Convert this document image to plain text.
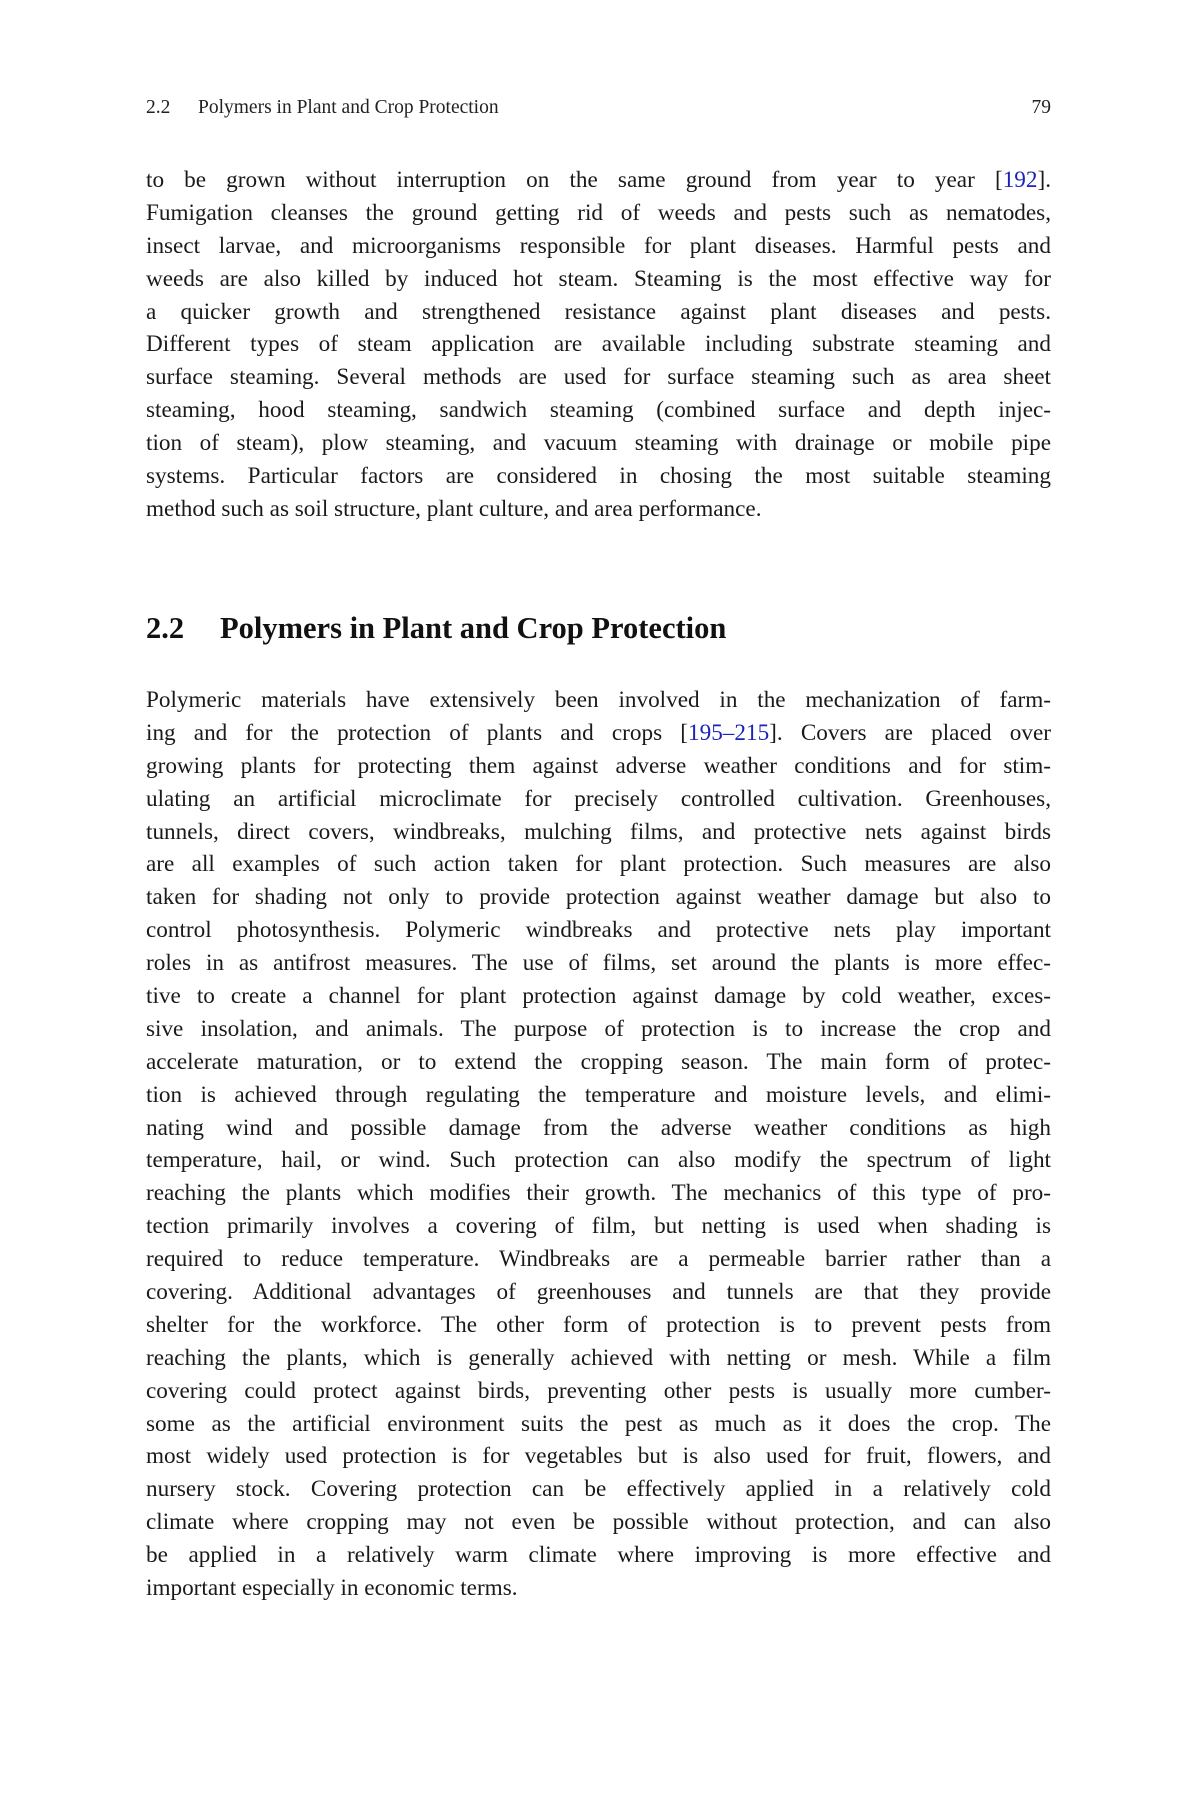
2.2 Polymers in Plant and Crop Protection	79
to be grown without interruption on the same ground from year to year [192].
Fumigation cleanses the ground getting rid of weeds and pests such as nematodes,
insect larvae, and microorganisms responsible for plant diseases. Harmful pests and
weeds are also killed by induced hot steam. Steaming is the most effective way for
a quicker growth and strengthened resistance against plant diseases and pests.
Different types of steam application are available including substrate steaming and
surface steaming. Several methods are used for surface steaming such as area sheet
steaming, hood steaming, sandwich steaming (combined surface and depth injec-
tion of steam), plow steaming, and vacuum steaming with drainage or mobile pipe
systems. Particular factors are considered in chosing the most suitable steaming
method such as soil structure, plant culture, and area performance.
2.2 Polymers in Plant and Crop Protection
Polymeric materials have extensively been involved in the mechanization of farm-
ing and for the protection of plants and crops [195–215]. Covers are placed over
growing plants for protecting them against adverse weather conditions and for stim-
ulating an artificial microclimate for precisely controlled cultivation. Greenhouses,
tunnels, direct covers, windbreaks, mulching films, and protective nets against birds
are all examples of such action taken for plant protection. Such measures are also
taken for shading not only to provide protection against weather damage but also to
control photosynthesis. Polymeric windbreaks and protective nets play important
roles in as antifrost measures. The use of films, set around the plants is more effec-
tive to create a channel for plant protection against damage by cold weather, exces-
sive insolation, and animals. The purpose of protection is to increase the crop and
accelerate maturation, or to extend the cropping season. The main form of protec-
tion is achieved through regulating the temperature and moisture levels, and elimi-
nating wind and possible damage from the adverse weather conditions as high
temperature, hail, or wind. Such protection can also modify the spectrum of light
reaching the plants which modifies their growth. The mechanics of this type of pro-
tection primarily involves a covering of film, but netting is used when shading is
required to reduce temperature. Windbreaks are a permeable barrier rather than a
covering. Additional advantages of greenhouses and tunnels are that they provide
shelter for the workforce. The other form of protection is to prevent pests from
reaching the plants, which is generally achieved with netting or mesh. While a film
covering could protect against birds, preventing other pests is usually more cumber-
some as the artificial environment suits the pest as much as it does the crop. The
most widely used protection is for vegetables but is also used for fruit, flowers, and
nursery stock. Covering protection can be effectively applied in a relatively cold
climate where cropping may not even be possible without protection, and can also
be applied in a relatively warm climate where improving is more effective and
important especially in economic terms.
